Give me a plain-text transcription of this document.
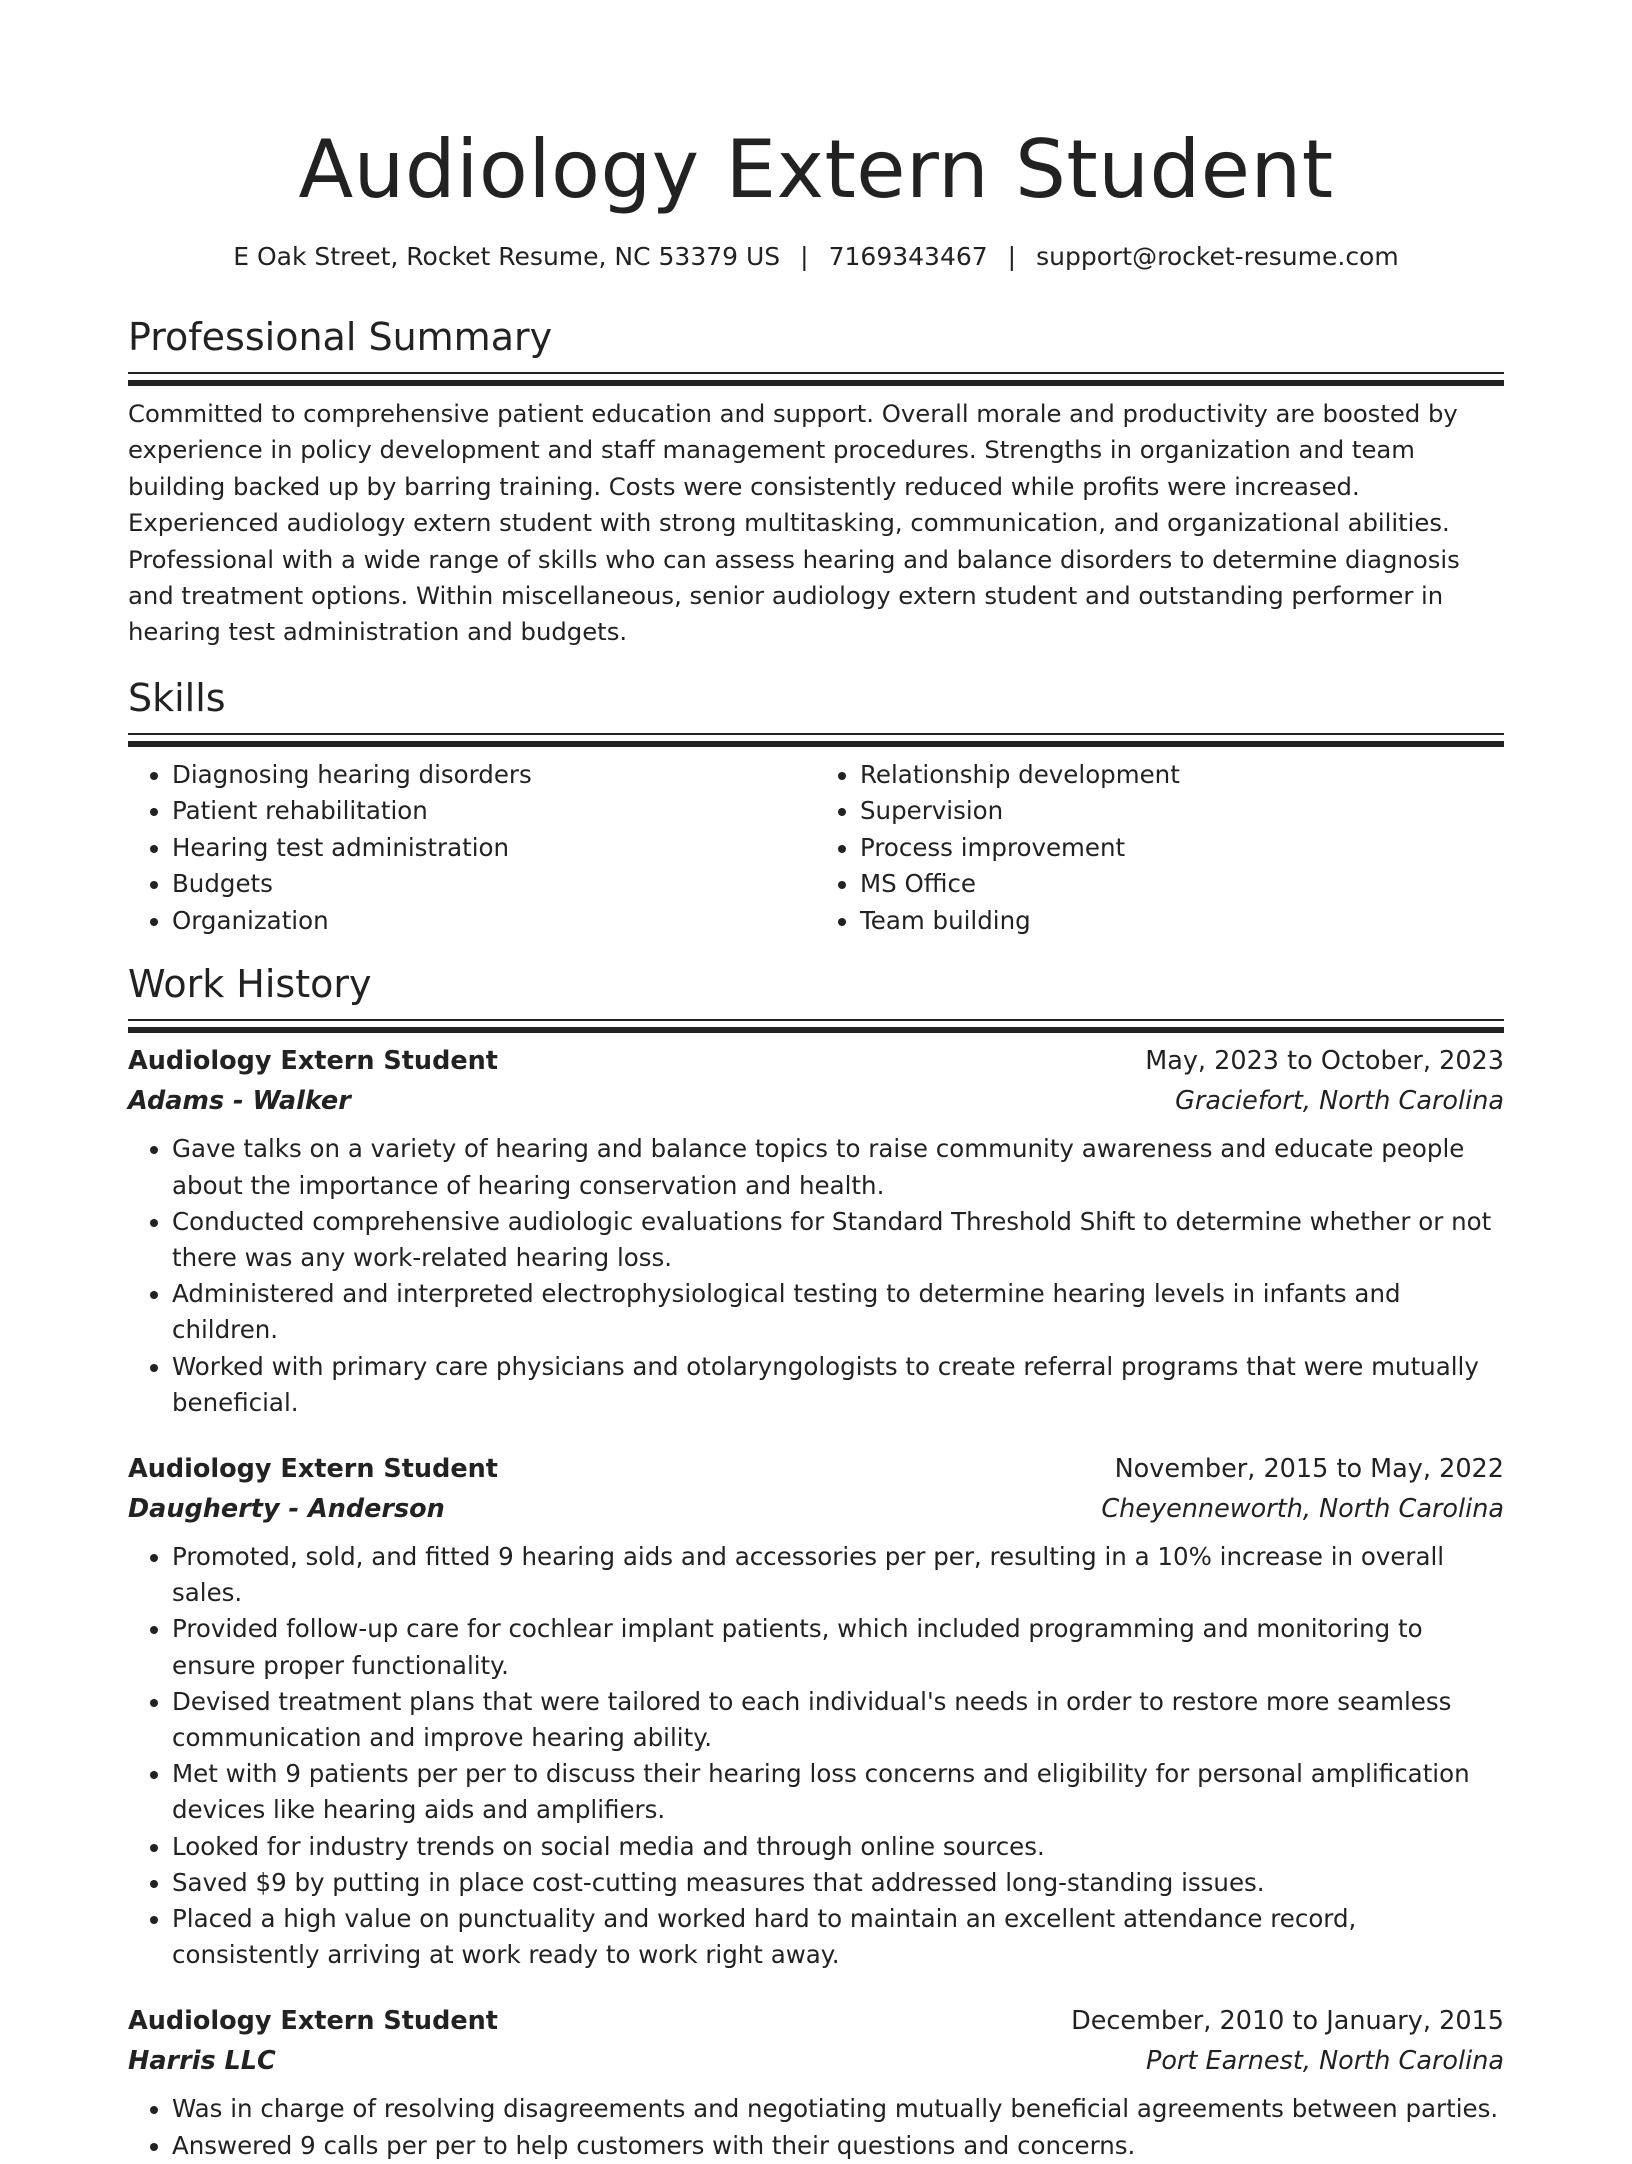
Audiology Extern Student
E Oak Street, Rocket Resume, NC 53379 US | 7169343467 | support@rocket-resume.com
Professional Summary

Committed to comprehensive patient education and support. Overall morale and productivity are boosted by experience in policy development and staff management procedures. Strengths in organization and team building backed up by barring training. Costs were consistently reduced while profits were increased. Experienced audiology extern student with strong multitasking, communication, and organizational abilities. Professional with a wide range of skills who can assess hearing and balance disorders to determine diagnosis and treatment options. Within miscellaneous, senior audiology extern student and outstanding performer in hearing test administration and budgets.

Skills
• Diagnosing hearing disorders
• Patient rehabilitation
• Hearing test administration
• Budgets
• Organization
• Relationship development
• Supervision
• Process improvement
• MS Office
• Team building
Work History
Audiology Extern Student	May, 2023 to October, 2023
Adams - Walker	Graciefort, North Carolina
• Gave talks on a variety of hearing and balance topics to raise community awareness and educate people about the importance of hearing conservation and health.
• Conducted comprehensive audiologic evaluations for Standard Threshold Shift to determine whether or not there was any work-related hearing loss.
• Administered and interpreted electrophysiological testing to determine hearing levels in infants and children.
• Worked with primary care physicians and otolaryngologists to create referral programs that were mutually beneficial.
Audiology Extern Student	November, 2015 to May, 2022
Daugherty - Anderson	Cheyenneworth, North Carolina
• Promoted, sold, and fitted 9 hearing aids and accessories per per, resulting in a 10% increase in overall sales.
• Provided follow-up care for cochlear implant patients, which included programming and monitoring to ensure proper functionality.
• Devised treatment plans that were tailored to each individual's needs in order to restore more seamless communication and improve hearing ability.
• Met with 9 patients per per to discuss their hearing loss concerns and eligibility for personal amplification devices like hearing aids and amplifiers.
• Looked for industry trends on social media and through online sources.
• Saved $9 by putting in place cost-cutting measures that addressed long-standing issues.
• Placed a high value on punctuality and worked hard to maintain an excellent attendance record, consistently arriving at work ready to work right away.
Audiology Extern Student	December, 2010 to January, 2015
Harris LLC	Port Earnest, North Carolina
• Was in charge of resolving disagreements and negotiating mutually beneficial agreements between parties.
• Answered 9 calls per per to help customers with their questions and concerns.
